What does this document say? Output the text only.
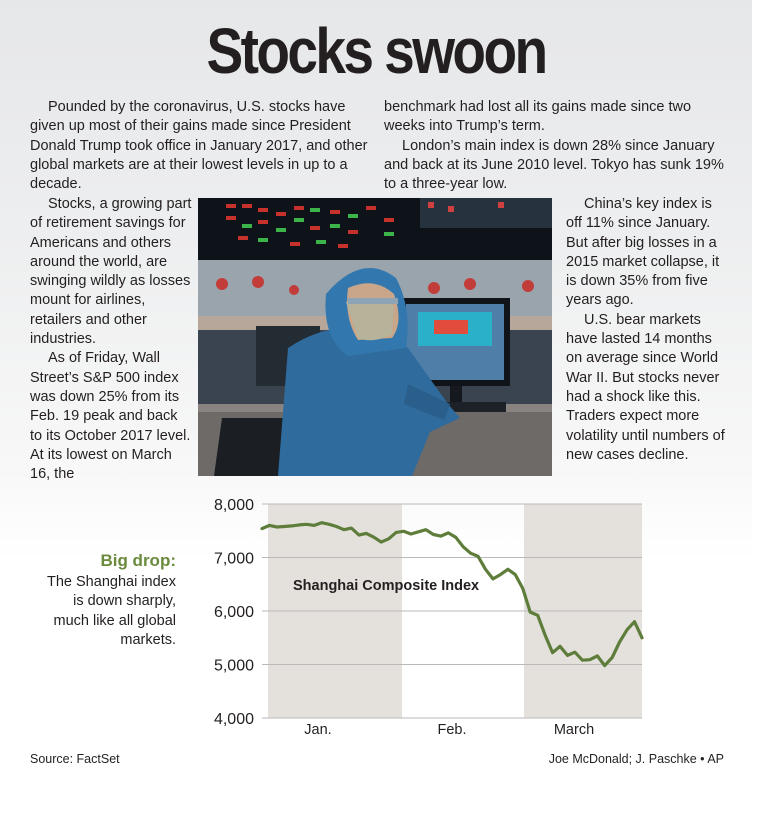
Stocks swoon

Pounded by the coronavirus, U.S. stocks have given up most of their gains made since President Donald Trump took office in January 2017, and other global markets are at their lowest levels in up to a decade.

Stocks, a growing part of retirement savings for Americans and others around the world, are swinging wildly as losses mount for airlines, retailers and other industries.

As of Friday, Wall Street’s S&P 500 index was down 25% from its Feb. 19 peak and back to its October 2017 level. At its lowest on March 16, the

benchmark had lost all its gains made since two weeks into Trump’s term.

London’s main index is down 28% since January and back at its June 2010 level. Tokyo has sunk 19% to a three-year low.

China’s key index is off 11% since January. But after big losses in a 2015 market collapse, it is down 35% from five years ago.

U.S. bear markets have lasted 14 months on average since World War II. But stocks never had a shock like this. Traders expect more volatility until numbers of new cases decline.

Big drop:
The Shanghai index is down sharply, much like all global markets.
8,000
7,000
6,000
5,000
4,000
Jan.	Feb.	March
Shanghai Composite Index
Source: FactSet	Joe McDonald; J. Paschke • AP
